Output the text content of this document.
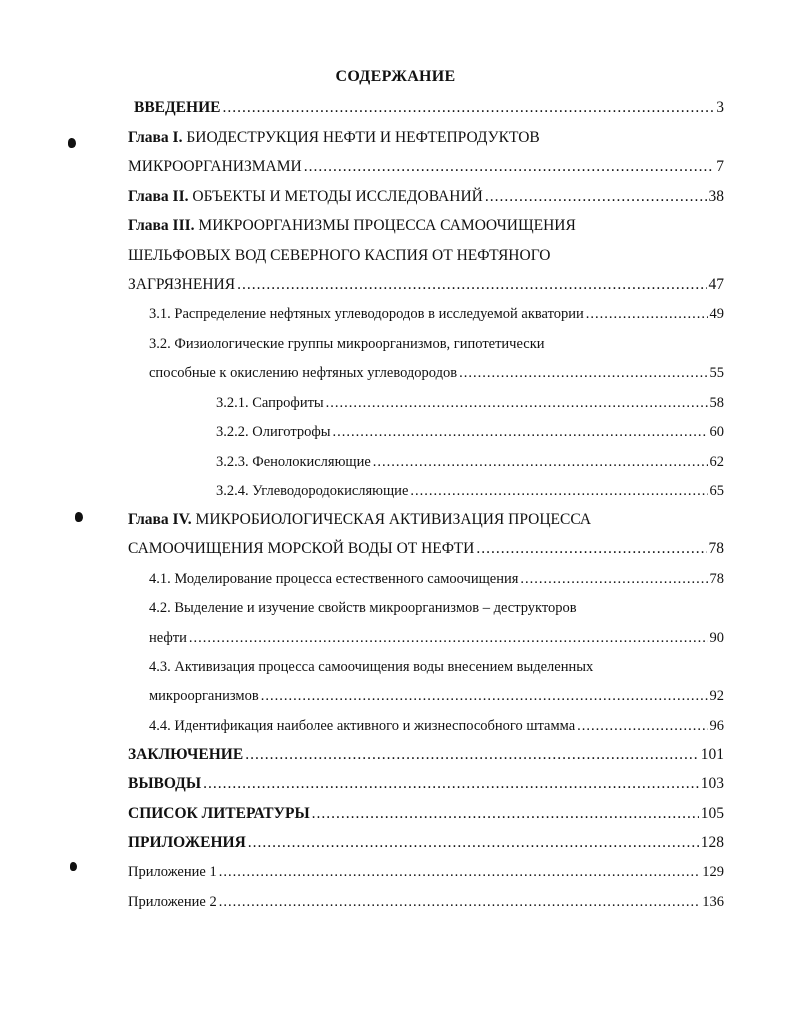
СОДЕРЖАНИЕ
ВВЕДЕНИЕ .....	3
Глава I. БИОДЕСТРУКЦИЯ НЕФТИ И НЕФТЕПРОДУКТОВ
МИКРООРГАНИЗМАМИ .....	7
Глава II. ОБЪЕКТЫ И МЕТОДЫ ИССЛЕДОВАНИЙ .....	38
Глава III. МИКРООРГАНИЗМЫ ПРОЦЕССА САМООЧИЩЕНИЯ
ШЕЛЬФОВЫХ ВОД СЕВЕРНОГО КАСПИЯ ОТ НЕФТЯНОГО
ЗАГРЯЗНЕНИЯ .....	47
3.1. Распределение нефтяных углеводородов в исследуемой акватории .....	49
3.2. Физиологические группы микроорганизмов, гипотетически
способные к окислению нефтяных углеводородов .....	55
3.2.1. Сапрофиты .....	58
3.2.2. Олиготрофы .....	60
3.2.3. Фенолокисляющие .....	62
3.2.4. Углеводородокисляющие .....	65
Глава IV. МИКРОБИОЛОГИЧЕСКАЯ АКТИВИЗАЦИЯ ПРОЦЕССА
САМООЧИЩЕНИЯ МОРСКОЙ ВОДЫ ОТ НЕФТИ .....	78
4.1. Моделирование процесса естественного самоочищения .....	78
4.2. Выделение и изучение свойств микроорганизмов – деструкторов
нефти .....	90
4.3. Активизация процесса самоочищения воды внесением выделенных
микроорганизмов .....	92
4.4. Идентификация наиболее активного и жизнеспособного штамма .....	96
ЗАКЛЮЧЕНИЕ .....	101
ВЫВОДЫ .....	103
СПИСОК ЛИТЕРАТУРЫ .....	105
ПРИЛОЖЕНИЯ .....	128
Приложение 1 .....	129
Приложение 2 .....	136
